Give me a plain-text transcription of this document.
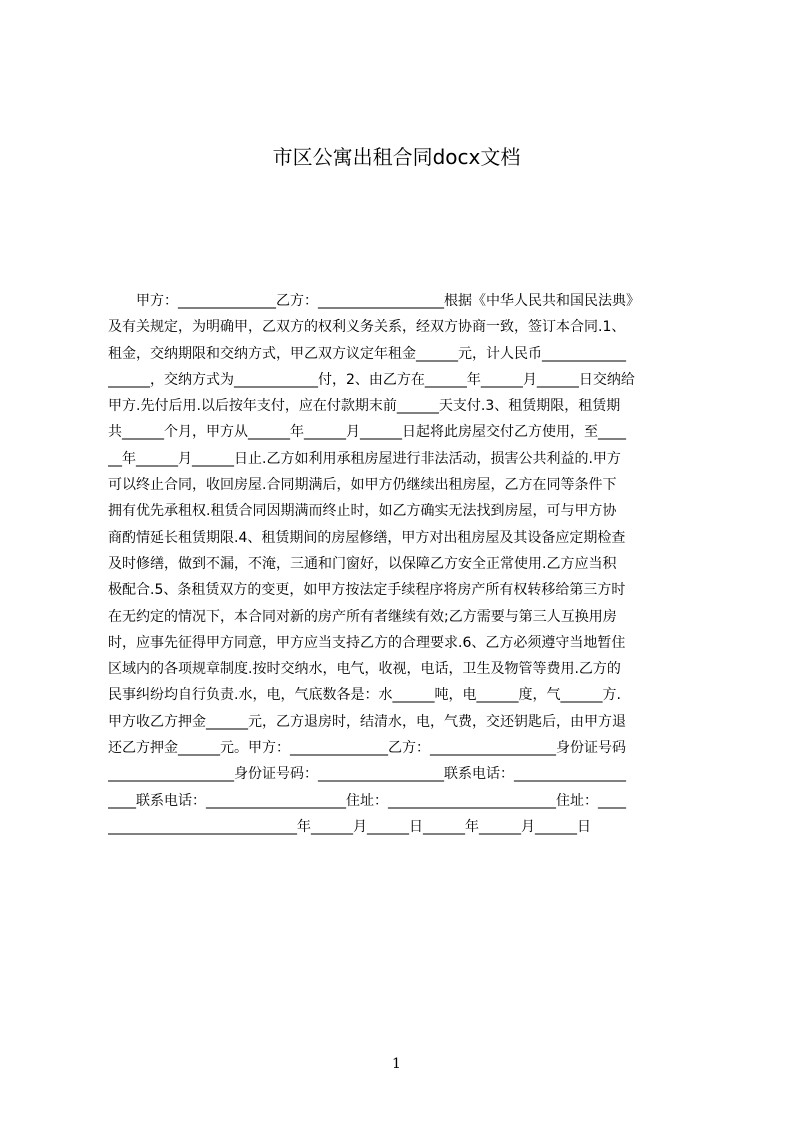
市区公寓出租合同docx文档
　　甲方：______________乙方：__________________根据《中华人民共和国民法典》
及有关规定，为明确甲，乙双方的权利义务关系，经双方协商一致，签订本合同.1、
租金，交纳期限和交纳方式，甲乙双方议定年租金______元，计人民币____________
______，交纳方式为____________付，2、由乙方在______年______月______日交纳给
甲方.先付后用.以后按年支付，应在付款期末前______天支付.3、租赁期限，租赁期
共______个月，甲方从______年______月______日起将此房屋交付乙方使用，至____
__年______月______日止.乙方如利用承租房屋进行非法活动，损害公共利益的.甲方
可以终止合同，收回房屋.合同期满后，如甲方仍继续出租房屋，乙方在同等条件下
拥有优先承租权.租赁合同因期满而终止时，如乙方确实无法找到房屋，可与甲方协
商酌情延长租赁期限.4、租赁期间的房屋修缮，甲方对出租房屋及其设备应定期检查
及时修缮，做到不漏，不淹，三通和门窗好，以保障乙方安全正常使用.乙方应当积
极配合.5、条租赁双方的变更，如甲方按法定手续程序将房产所有权转移给第三方时
在无约定的情况下，本合同对新的房产所有者继续有效;乙方需要与第三人互换用房
时，应事先征得甲方同意，甲方应当支持乙方的合理要求.6、乙方必须遵守当地暂住
区域内的各项规章制度.按时交纳水，电气，收视，电话，卫生及物管等费用.乙方的
民事纠纷均自行负责.水，电，气底数各是：水______吨，电______度，气______方.
甲方收乙方押金______元，乙方退房时，结清水，电，气费，交还钥匙后，由甲方退
还乙方押金______元。甲方：______________乙方：__________________身份证号码
__________________身份证号码：__________________联系电话：________________
____联系电话：____________________住址：________________________住址：____
___________________________年______月______日______年______月______日
1
